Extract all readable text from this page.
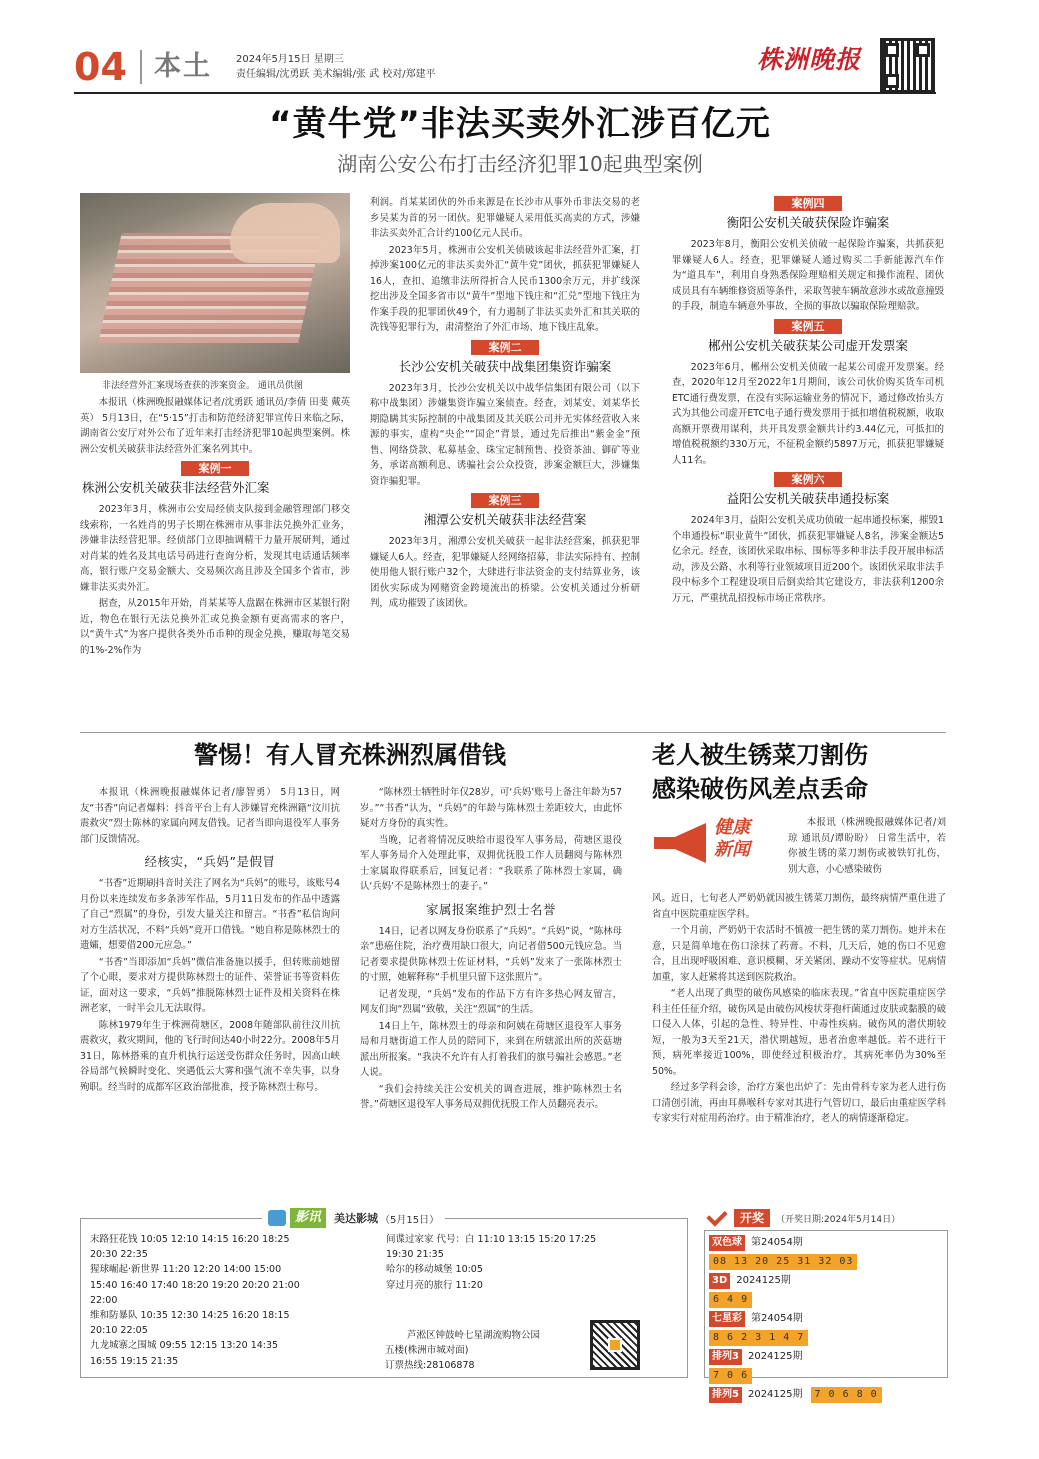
04 本土 2024年5月15日 星期三
责任编辑/沈勇跃 美术编辑/张 武 校对/郑建平
株洲晚报
“黄牛党”非法买卖外汇涉百亿元
湖南公安公布打击经济犯罪10起典型案例
非法经营外汇案现场查获的涉案资金。 通讯员供图

本报讯（株洲晚报融媒体记者/沈勇跃 通讯员/李倩 田斐 戴英英） 5月13日，在“5·15”打击和防范经济犯罪宣传日来临之际，湖南省公安厅对外公布了近年来打击经济犯罪10起典型案例。株洲公安机关破获非法经营外汇案名列其中。

案例一
株洲公安机关破获非法经营外汇案

2023年3月，株洲市公安局经侦支队接到金融管理部门移交线索称，一名姓肖的男子长期在株洲市从事非法兑换外汇业务，涉嫌非法经营犯罪。经侦部门立即抽调精干力量开展研判，通过对肖某的姓名及其电话号码进行查询分析，发现其电话通话频率高，银行账户交易金额大、交易频次高且涉及全国多个省市，涉嫌非法买卖外汇。

据查，从2015年开始，肖某某等人盘踞在株洲市区某银行附近，物色在银行无法兑换外汇或兑换金额有更高需求的客户，以“黄牛式”为客户提供各类外币币种的现金兑换，赚取每笔交易的1%-2%作为

利润。肖某某团伙的外币来源是在长沙市从事外币非法交易的老乡吴某为首的另一团伙。犯罪嫌疑人采用低买高卖的方式，涉嫌非法买卖外汇合计约100亿元人民币。

2023年5月，株洲市公安机关侦破该起非法经营外汇案，打掉涉案100亿元的非法买卖外汇“黄牛党”团伙，抓获犯罪嫌疑人16人，查扣、追缴非法所得折合人民币1300余万元，并扩线深挖出涉及全国多省市以“黄牛”型地下钱庄和“汇兑”型地下钱庄为作案手段的犯罪团伙49个，有力遏制了非法买卖外汇和其关联的洗钱等犯罪行为，肃清整治了外汇市场、地下钱庄乱象。

案例二
长沙公安机关破获中战集团集资诈骗案

2023年3月，长沙公安机关以中战华信集团有限公司（以下称中战集团）涉嫌集资诈骗立案侦查。经查，刘某安、刘某华长期隐瞒其实际控制的中战集团及其关联公司并无实体经营收入来源的事实，虚构“央企”“国企”背景，通过先后推出“紫金金”预售、网络贷款、私募基金、珠宝定制预售、投资茶油、御矿等业务，承诺高额利息、诱骗社会公众投资，涉案金额巨大，涉嫌集资诈骗犯罪。

案例三
湘潭公安机关破获非法经营案

2023年3月，湘潭公安机关破获一起非法经营案，抓获犯罪嫌疑人6人。经查，犯罪嫌疑人经网络招募，非法实际持有、控制使用他人银行账户32个，大肆进行非法资金的支付结算业务，该团伙实际成为网赌资金跨境流出的桥梁。公安机关通过分析研判，成功摧毁了该团伙。

案例四
衡阳公安机关破获保险诈骗案

2023年8月，衡阳公安机关侦破一起保险诈骗案，共抓获犯罪嫌疑人6人。经查，犯罪嫌疑人通过购买二手新能源汽车作为“道具车”，利用自身熟悉保险理赔相关规定和操作流程、团伙成员具有车辆维修资质等条件，采取驾驶车辆故意涉水或故意撞毁的手段，制造车辆意外事故，全损的事故以骗取保险理赔款。

案例五
郴州公安机关破获某公司虚开发票案

2023年6月，郴州公安机关侦破一起某公司虚开发票案。经查，2020年12月至2022年1月期间，该公司伙价购买货车司机ETC通行费发票，在没有实际运输业务的情况下，通过修改抬头方式为其他公司虚开ETC电子通行费发票用于抵扣增值税税额，收取高额开票费用谋利，共开具发票金额共计约3.44亿元，可抵扣的增值税税额约330万元，不征税金额约5897万元，抓获犯罪嫌疑人11名。

案例六
益阳公安机关破获串通投标案

2024年3月，益阳公安机关成功侦破一起串通投标案，摧毁1个串通投标“职业黄牛”团伙，抓获犯罪嫌疑人8名，涉案金额达5亿余元。经查，该团伙采取串标、围标等多种非法手段开展串标活动，涉及公路、水利等行业领域项目近200个。该团伙采取非法手段中标多个工程建设项目后倒卖给其它建设方，非法获利1200余万元，严重扰乱招投标市场正常秩序。

警惕！有人冒充株洲烈属借钱

本报讯（株洲晚报融媒体记者/廖智勇） 5月13日，网友“书香”向记者爆料：抖音平台上有人涉嫌冒充株洲籍“汶川抗震救灾”烈士陈林的家属向网友借钱。记者当即向退役军人事务部门反馈情况。

经核实，“兵妈”是假冒

“书香”近期刷抖音时关注了网名为“兵妈”的账号，该账号4月份以来连续发布多条涉军作品，5月11日发布的作品中透露了自己“烈属”的身份，引发大量关注和留言。“书香”私信询问对方生活状况，不料“兵妈”竟开口借钱。“她自称是陈林烈士的遗孀，想要借200元应急。”

“书香”当即添加“兵妈”微信准备施以援手，但转账前她留了个心眼，要求对方提供陈林烈士的证件、荣誉证书等资料佐证，面对这一要求，“兵妈”推脱陈林烈士证件及相关资料在株洲老家，一时半会儿无法取得。

陈林1979年生于株洲荷塘区，2008年随部队前往汶川抗震救灾，救灾期间，他的飞行时间达40小时22分。2008年5月31日，陈林搭乘的直升机执行运送受伤群众任务时，因高山峡谷局部气候瞬时变化、突遇低云大雾和强气流不幸失事，以身殉职。经当时的成都军区政治部批准，授予陈林烈士称号。

“陈林烈士牺牲时年仅28岁，可‘兵妈’账号上备注年龄为57岁。”“书香”认为，“兵妈”的年龄与陈林烈士差距较大，由此怀疑对方身份的真实性。

当晚，记者将情况反映给市退役军人事务局，荷塘区退役军人事务局介入处理此事，双拥优抚股工作人员翻阅与陈林烈士家属取得联系后，回复记者：“我联系了陈林烈士家属，确认‘兵妈’不是陈林烈士的妻子。”

家属报案维护烈士名誉

14日，记者以网友身份联系了“兵妈”。“兵妈”说，“陈林母亲”患癌住院，治疗费用缺口很大，向记者借500元钱应急。当记者要求提供陈林烈士佐证材料，“兵妈”发来了一张陈林烈士的寸照，她解释称“手机里只留下这张照片”。

记者发现，“兵妈”发布的作品下方有许多热心网友留言，网友们询“烈属”致敬，关注“烈属”的生活。

14日上午，陈林烈士的母亲和阿姨在荷塘区退役军人事务局和月塘街道工作人员的陪同下，来到在所辖派出所的茨菇塘派出所报案。“我决不允许有人打着我们的旗号骗社会感恩。”老人说。

“我们会持续关注公安机关的调查进展，维护陈林烈士名誉。”荷塘区退役军人事务局双拥优抚股工作人员翻亮表示。

老人被生锈菜刀割伤
感染破伤风差点丢命
健康
新闻

本报讯（株洲晚报融媒体记者/刘琼 通讯员/谭盼盼） 日常生活中，若你被生锈的菜刀割伤或被铁钉扎伤，别大意，小心感染破伤

风。近日，七旬老人严奶奶就因被生锈菜刀割伤，最终病情严重住进了省直中医院重症医学科。

一个月前，严奶奶干农活时不慎被一把生锈的菜刀割伤。她并未在意，只是简单地在伤口涂抹了药膏。不料，几天后，她的伤口不见愈合，且出现呼吸困难、意识模糊、牙关紧闭、躁动不安等症状。见病情加重，家人赶紧将其送到医院救治。

“老人出现了典型的破伤风感染的临床表现。”省直中医院重症医学科主任任征介绍，破伤风是由破伤风梭状芽孢杆菌通过皮肤或黏膜的破口侵入人体，引起的急性、特异性、中毒性疾病。破伤风的潜伏期较短，一般为3天至21天，潜伏期越短，患者治愈率越低。若不进行干预，病死率接近100%，即使经过积极治疗，其病死率仍为30%至50%。

经过多学科会诊，治疗方案也出炉了：先由骨科专家为老人进行伤口清创引流，再由耳鼻喉科专家对其进行气管切口，最后由重症医学科专家实行对症用药治疗。由于精准治疗，老人的病情逐渐稳定。

影讯	美达影城 （5月15日）
末路狂花钱 10:05 12:10 14:15 16:20 18:25
20:30 22:35
猩球崛起·新世界 11:20 12:20 14:00 15:00
15:40 16:40 17:40 18:20 19:20 20:20 21:00
22:00
维和防暴队 10:35 12:30 14:25 16:20 18:15
20:10 22:05
九龙城寨之围城 09:55 12:15 13:20 14:35
16:55 19:15 21:35
间谍过家家 代号：白 11:10 13:15 15:20 17:25
19:30 21:35
哈尔的移动城堡 10:05
穿过月亮的旅行 11:20
芦淞区钟鼓岭七星湖流购物公园
五楼(株洲市城对面)
订票热线:28106878
开奖	（开奖日期:2024年5月14日）
双色球 第24054期
08 13 20 25 31 32 03
3D 2024125期
6 4 9
七星彩 第24054期
8 6 2 3 1 4 7
排列3 2024125期
7 0 6
排列5 2024125期	7 0 6 8 0
